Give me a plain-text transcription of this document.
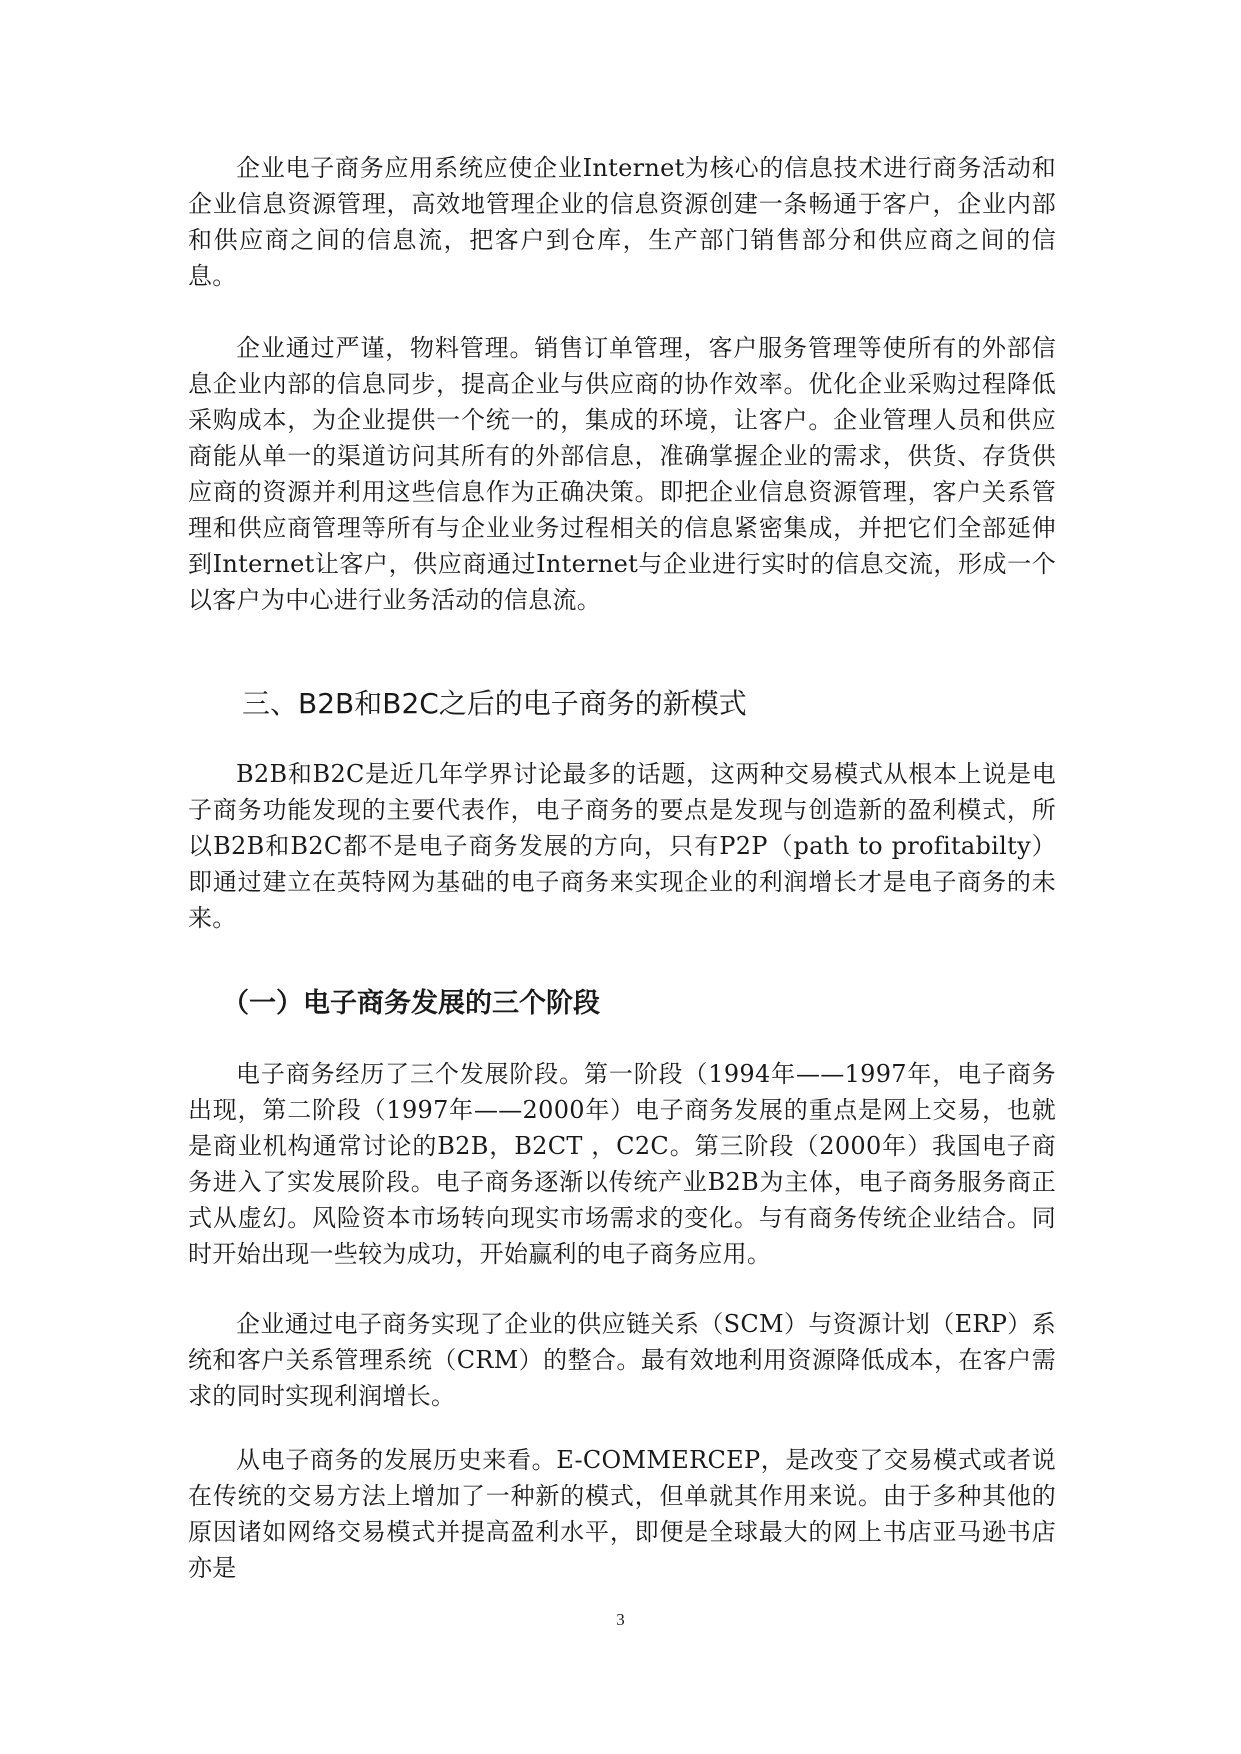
企业电子商务应用系统应使企业Internet为核心的信息技术进行商务活动和企业信息资源管理，高效地管理企业的信息资源创建一条畅通于客户，企业内部和供应商之间的信息流，把客户到仓库，生产部门销售部分和供应商之间的信息。

企业通过严谨，物料管理。销售订单管理，客户服务管理等使所有的外部信息企业内部的信息同步，提高企业与供应商的协作效率。优化企业采购过程降低采购成本，为企业提供一个统一的，集成的环境，让客户。企业管理人员和供应商能从单一的渠道访问其所有的外部信息，准确掌握企业的需求，供货、存货供应商的资源并利用这些信息作为正确决策。即把企业信息资源管理，客户关系管理和供应商管理等所有与企业业务过程相关的信息紧密集成，并把它们全部延伸到Internet让客户，供应商通过Internet与企业进行实时的信息交流，形成一个以客户为中心进行业务活动的信息流。

三、B2B和B2C之后的电子商务的新模式

B2B和B2C是近几年学界讨论最多的话题，这两种交易模式从根本上说是电子商务功能发现的主要代表作，电子商务的要点是发现与创造新的盈利模式，所以B2B和B2C都不是电子商务发展的方向，只有P2P（path to profitabilty）即通过建立在英特网为基础的电子商务来实现企业的利润增长才是电子商务的未来。

（一）电子商务发展的三个阶段

电子商务经历了三个发展阶段。第一阶段（1994年——1997年，电子商务出现，第二阶段（1997年——2000年）电子商务发展的重点是网上交易，也就是商业机构通常讨论的B2B，B2CT ，C2C。第三阶段（2000年）我国电子商务进入了实发展阶段。电子商务逐渐以传统产业B2B为主体，电子商务服务商正式从虚幻。风险资本市场转向现实市场需求的变化。与有商务传统企业结合。同时开始出现一些较为成功，开始赢利的电子商务应用。

企业通过电子商务实现了企业的供应链关系（SCM）与资源计划（ERP）系统和客户关系管理系统（CRM）的整合。最有效地利用资源降低成本，在客户需求的同时实现利润增长。

从电子商务的发展历史来看。E-COMMERCEP，是改变了交易模式或者说在传统的交易方法上增加了一种新的模式，但单就其作用来说。由于多种其他的原因诸如网络交易模式并提高盈利水平，即便是全球最大的网上书店亚马逊书店亦是

3
